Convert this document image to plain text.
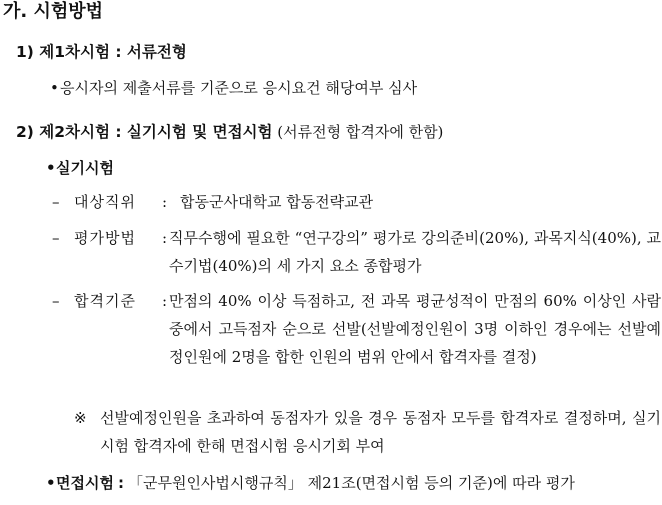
가. 시험방법
1) 제1차시험 : 서류전형
•응시자의 제출서류를 기준으로 응시요건 해당여부 심사
2) 제2차시험 : 실기시험 및 면접시험 (서류전형 합격자에 한함)
•실기시험
– 대상직위 : 합동군사대학교 합동전략교관
– 평가방법 : 직무수행에 필요한 “연구강의” 평가로 강의준비(20%), 과목지식(40%), 교수기법(40%)의 세 가지 요소 종합평가
– 합격기준 : 만점의 40% 이상 득점하고, 전 과목 평균성적이 만점의 60% 이상인 사람 중에서 고득점자 순으로 선발(선발예정인원이 3명 이하인 경우에는 선발예정인원에 2명을 합한 인원의 범위 안에서 합격자를 결정)
※ 선발예정인원을 초과하여 동점자가 있을 경우 동점자 모두를 합격자로 결정하며, 실기시험 합격자에 한해 면접시험 응시기회 부여
•면접시험 : 「군무원인사법시행규칙」 제21조(면접시험 등의 기준)에 따라 평가
